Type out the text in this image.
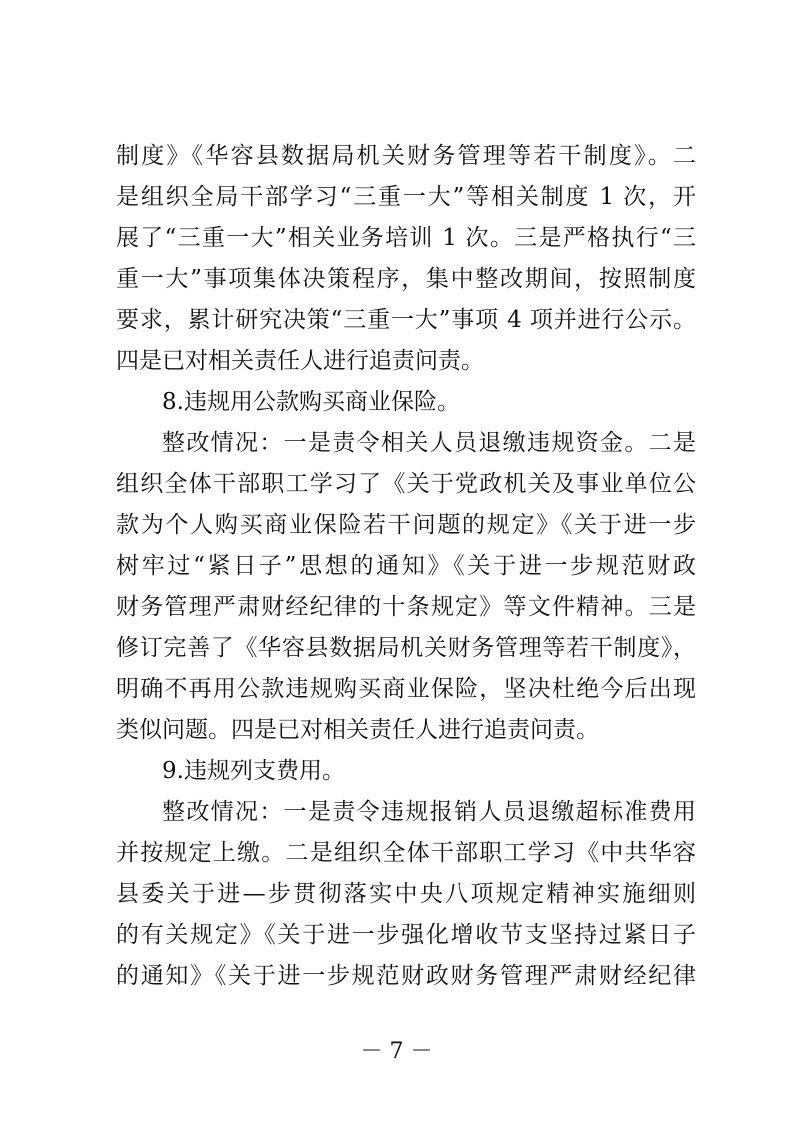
制度》《华容县数据局机关财务管理等若干制度》。二
是组织全局干部学习“三重一大”等相关制度 1 次，开
展了“三重一大”相关业务培训 1 次。三是严格执行“三
重一大”事项集体决策程序，集中整改期间，按照制度
要求，累计研究决策“三重一大”事项 4 项并进行公示。
四是已对相关责任人进行追责问责。
8.违规用公款购买商业保险。
整改情况：一是责令相关人员退缴违规资金。二是
组织全体干部职工学习了《关于党政机关及事业单位公
款为个人购买商业保险若干问题的规定》《关于进一步
树牢过“紧日子”思想的通知》《关于进一步规范财政
财务管理严肃财经纪律的十条规定》等文件精神。三是
修订完善了《华容县数据局机关财务管理等若干制度》，
明确不再用公款违规购买商业保险，坚决杜绝今后出现
类似问题。四是已对相关责任人进行追责问责。
9.违规列支费用。
整改情况：一是责令违规报销人员退缴超标准费用
并按规定上缴。二是组织全体干部职工学习《中共华容
县委关于进—步贯彻落实中央八项规定精神实施细则
的有关规定》《关于进一步强化增收节支坚持过紧日子
的通知》《关于进一步规范财政财务管理严肃财经纪律
－ 7 －
